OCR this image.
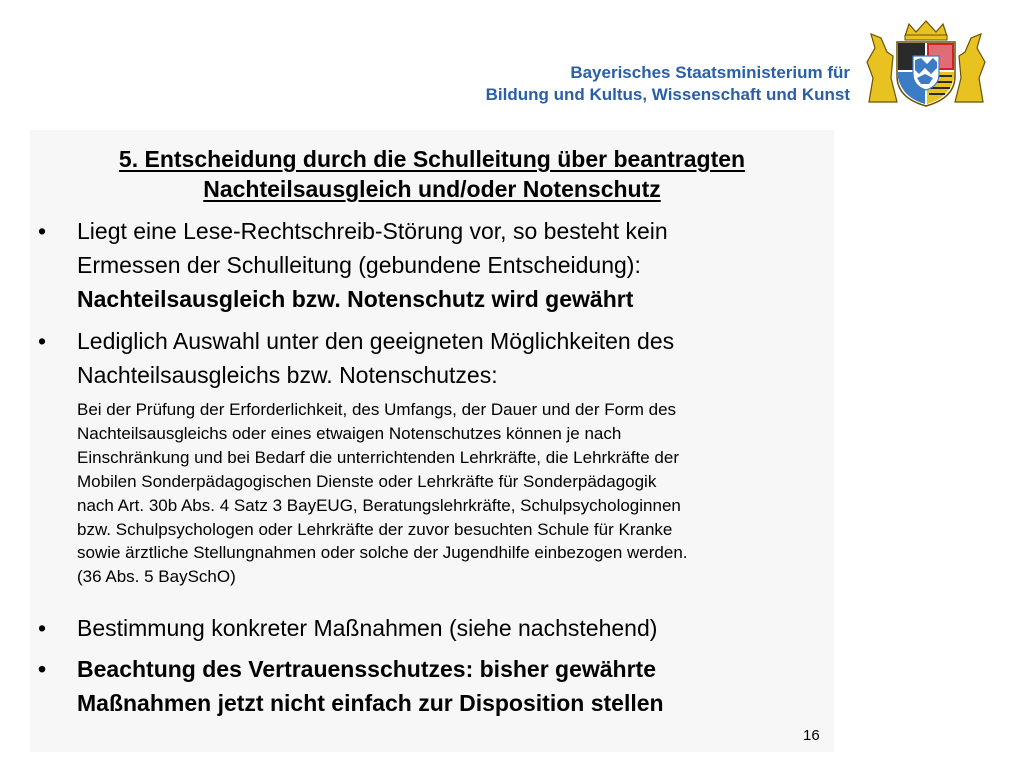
Bayerisches Staatsministerium für
Bildung und Kultus, Wissenschaft und Kunst
5. Entscheidung durch die Schulleitung über beantragten
Nachteilsausgleich und/oder Notenschutz
• Liegt eine Lese-Rechtschreib-Störung vor, so besteht kein
Ermessen der Schulleitung (gebundene Entscheidung):
Nachteilsausgleich bzw. Notenschutz wird gewährt
• Lediglich Auswahl unter den geeigneten Möglichkeiten des
Nachteilsausgleichs bzw. Notenschutzes:
Bei der Prüfung der Erforderlichkeit, des Umfangs, der Dauer und der Form des
Nachteilsausgleichs oder eines etwaigen Notenschutzes können je nach
Einschränkung und bei Bedarf die unterrichtenden Lehrkräfte, die Lehrkräfte der
Mobilen Sonderpädagogischen Dienste oder Lehrkräfte für Sonderpädagogik
nach Art. 30b Abs. 4 Satz 3 BayEUG, Beratungslehrkräfte, Schulpsychologinnen
bzw. Schulpsychologen oder Lehrkräfte der zuvor besuchten Schule für Kranke
sowie ärztliche Stellungnahmen oder solche der Jugendhilfe einbezogen werden.
(36 Abs. 5 BaySchO)
• Bestimmung konkreter Maßnahmen (siehe nachstehend)
• Beachtung des Vertrauensschutzes: bisher gewährte
Maßnahmen jetzt nicht einfach zur Disposition stellen
16
